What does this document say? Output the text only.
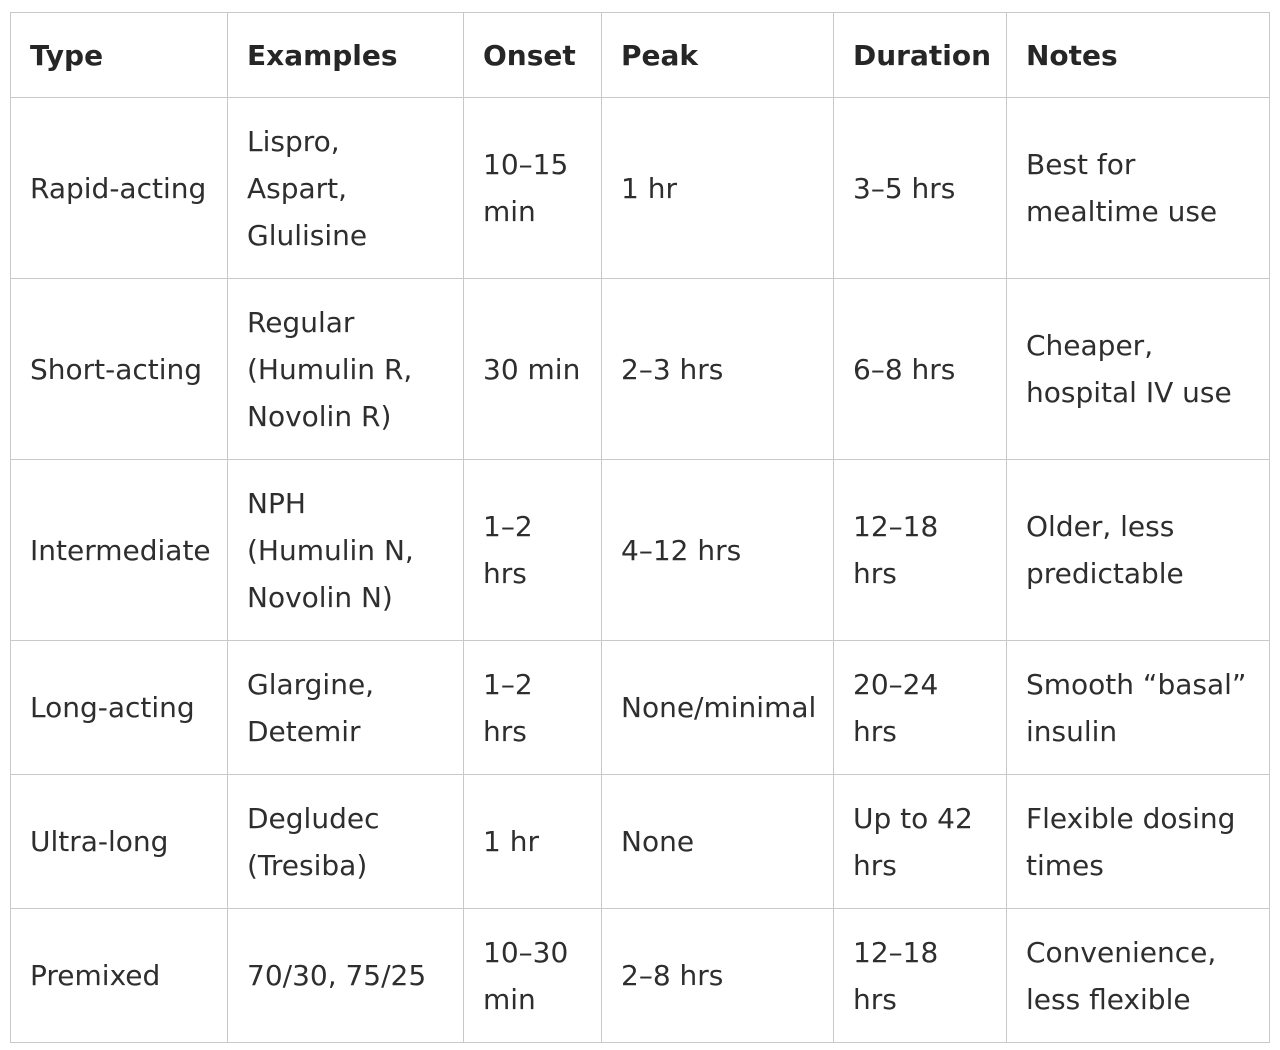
Type	Examples	Onset	Peak	Duration	Notes
Rapid-acting	Lispro,
Aspart,
Glulisine	10–15
min	1 hr	3–5 hrs	Best for
mealtime use

Short-acting	Regular
(Humulin R,
Novolin R)	30 min	2–3 hrs	6–8 hrs	Cheaper,
hospital IV use

Intermediate	NPH
(Humulin N,
Novolin N)	1–2 hrs	4–12 hrs	12–18 hrs	Older, less
predictable

Long-acting	Glargine,
Detemir	1–2 hrs	None/minimal	20–24
hrs	Smooth “basal”
insulin

Ultra-long	Degludec
(Tresiba)	1 hr	None	Up to 42
hrs	Flexible dosing
times

Premixed	70/30, 75/25	10–30
min	2–8 hrs	12–18 hrs	Convenience,
less flexible
